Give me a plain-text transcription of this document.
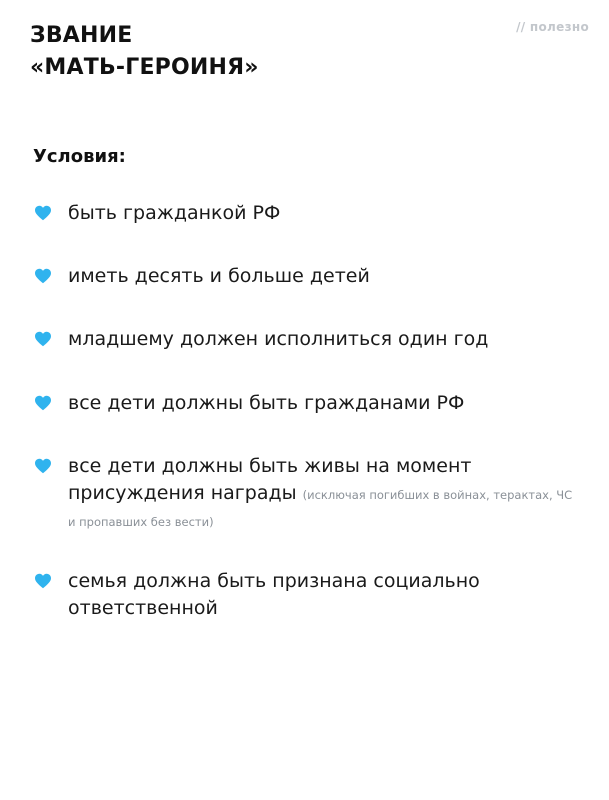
ЗВАНИЕ
«МАТЬ-ГЕРОИНЯ»
// полезно
Условия:
быть гражданкой РФ
иметь десять и больше детей
младшему должен исполниться один год
все дети должны быть гражданами РФ
все дети должны быть живы на момент присуждения награды (исключая погибших в войнах, терактах, ЧС и пропавших без вести)
семья должна быть признана социально ответственной
